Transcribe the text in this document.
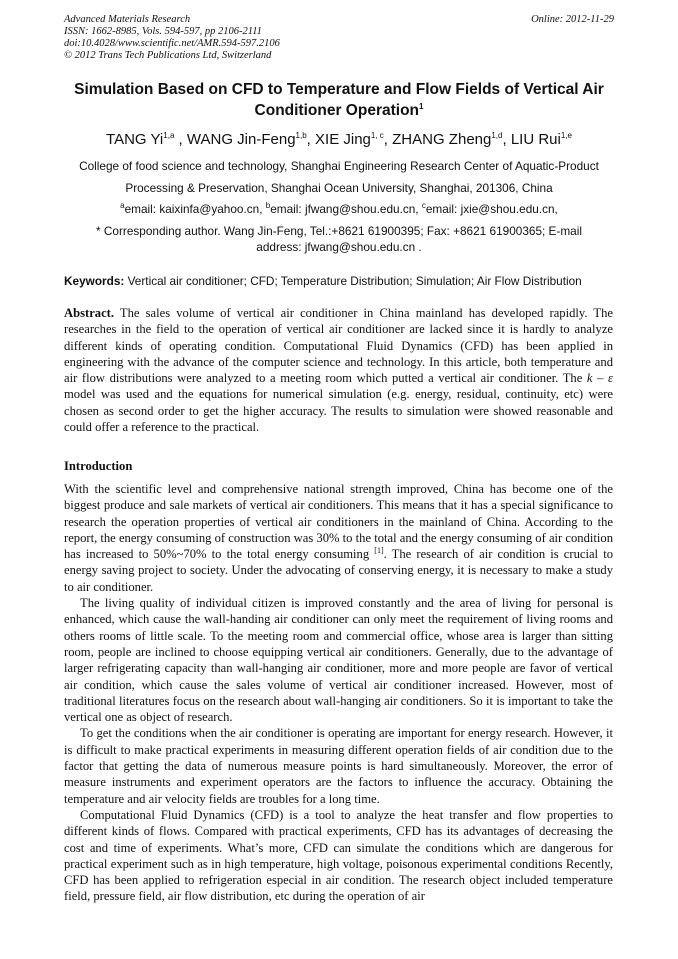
Advanced Materials Research
ISSN: 1662-8985, Vols. 594-597, pp 2106-2111
doi:10.4028/www.scientific.net/AMR.594-597.2106
© 2012 Trans Tech Publications Ltd, Switzerland
Online: 2012-11-29
Simulation Based on CFD to Temperature and Flow Fields of Vertical Air
Conditioner Operation$^1$
TANG Yi$^{1,a}$ , WANG Jin-Feng$^{1,b}$, XIE Jing$^{1, c}$, ZHANG Zheng$^{1,d}$, LIU Rui$^{1,e}$
College of food science and technology, Shanghai Engineering Research Center of Aquatic-Product
Processing & Preservation, Shanghai Ocean University, Shanghai, 201306, China
$^a$email: kaixinfa@yahoo.cn, $^b$email: jfwang@shou.edu.cn, $^c$email: jxie@shou.edu.cn,
* Corresponding author. Wang Jin-Feng, Tel.:+8621 61900395; Fax: +8621 61900365; E-mail
address: jfwang@shou.edu.cn .
Keywords: Vertical air conditioner; CFD; Temperature Distribution; Simulation; Air Flow Distribution

Abstract. The sales volume of vertical air conditioner in China mainland has developed rapidly. The researches in the field to the operation of vertical air conditioner are lacked since it is hardly to analyze different kinds of operating condition. Computational Fluid Dynamics (CFD) has been applied in engineering with the advance of the computer science and technology. In this article, both temperature and air flow distributions were analyzed to a meeting room which putted a vertical air conditioner. The k – ε model was used and the equations for numerical simulation (e.g. energy, residual, continuity, etc) were chosen as second order to get the higher accuracy. The results to simulation were showed reasonable and could offer a reference to the practical.

Introduction

With the scientific level and comprehensive national strength improved, China has become one of the biggest produce and sale markets of vertical air conditioners. This means that it has a special significance to research the operation properties of vertical air conditioners in the mainland of China. According to the report, the energy consuming of construction was 30% to the total and the energy consuming of air condition has increased to 50%~70% to the total energy consuming [1]. The research of air condition is crucial to energy saving project to society. Under the advocating of conserving energy, it is necessary to make a study to air conditioner.

The living quality of individual citizen is improved constantly and the area of living for personal is enhanced, which cause the wall-handing air conditioner can only meet the requirement of living rooms and others rooms of little scale. To the meeting room and commercial office, whose area is larger than sitting room, people are inclined to choose equipping vertical air conditioners. Generally, due to the advantage of larger refrigerating capacity than wall-hanging air conditioner, more and more people are favor of vertical air condition, which cause the sales volume of vertical air conditioner increased. However, most of traditional literatures focus on the research about wall-hanging air conditioners. So it is important to take the vertical one as object of research.

To get the conditions when the air conditioner is operating are important for energy research. However, it is difficult to make practical experiments in measuring different operation fields of air condition due to the factor that getting the data of numerous measure points is hard simultaneously. Moreover, the error of measure instruments and experiment operators are the factors to influence the accuracy. Obtaining the temperature and air velocity fields are troubles for a long time.

Computational Fluid Dynamics (CFD) is a tool to analyze the heat transfer and flow properties to different kinds of flows. Compared with practical experiments, CFD has its advantages of decreasing the cost and time of experiments. What’s more, CFD can simulate the conditions which are dangerous for practical experiment such as in high temperature, high voltage, poisonous experimental conditions Recently, CFD has been applied to refrigeration especial in air condition. The research object included temperature field, pressure field, air flow distribution, etc during the operation of air
